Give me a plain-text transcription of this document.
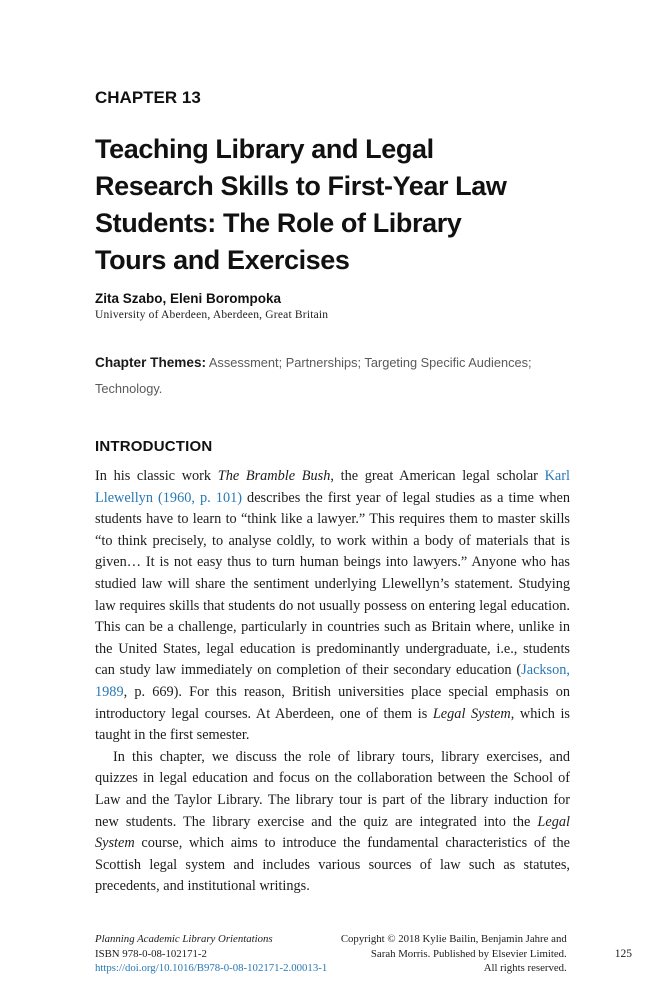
CHAPTER 13
Teaching Library and Legal
Research Skills to First-Year Law
Students: The Role of Library
Tours and Exercises
Zita Szabo, Eleni Borompoka
University of Aberdeen, Aberdeen, Great Britain

Chapter Themes: Assessment; Partnerships; Targeting Specific Audiences; Technology.

INTRODUCTION

In his classic work The Bramble Bush, the great American legal scholar Karl Llewellyn (1960, p. 101) describes the first year of legal studies as a time when students have to learn to “think like a lawyer.” This requires them to master skills “to think precisely, to analyse coldly, to work within a body of materials that is given… It is not easy thus to turn human beings into lawyers.” Anyone who has studied law will share the sentiment underlying Llewellyn’s statement. Studying law requires skills that students do not usually possess on entering legal education. This can be a challenge, particularly in countries such as Britain where, unlike in the United States, legal education is predominantly undergraduate, i.e., students can study law immediately on completion of their secondary education (Jackson, 1989, p. 669). For this reason, British universities place special emphasis on introductory legal courses. At Aberdeen, one of them is Legal System, which is taught in the first semester.

In this chapter, we discuss the role of library tours, library exercises, and quizzes in legal education and focus on the collaboration between the School of Law and the Taylor Library. The library tour is part of the library induction for new students. The library exercise and the quiz are integrated into the Legal System course, which aims to introduce the fundamental characteristics of the Scottish legal system and includes various sources of law such as statutes, precedents, and institutional writings.

Planning Academic Library Orientations
ISBN 978-0-08-102171-2
https://doi.org/10.1016/B978-0-08-102171-2.00013-1
Copyright © 2018 Kylie Bailin, Benjamin Jahre and
Sarah Morris. Published by Elsevier Limited.
All rights reserved.
125
